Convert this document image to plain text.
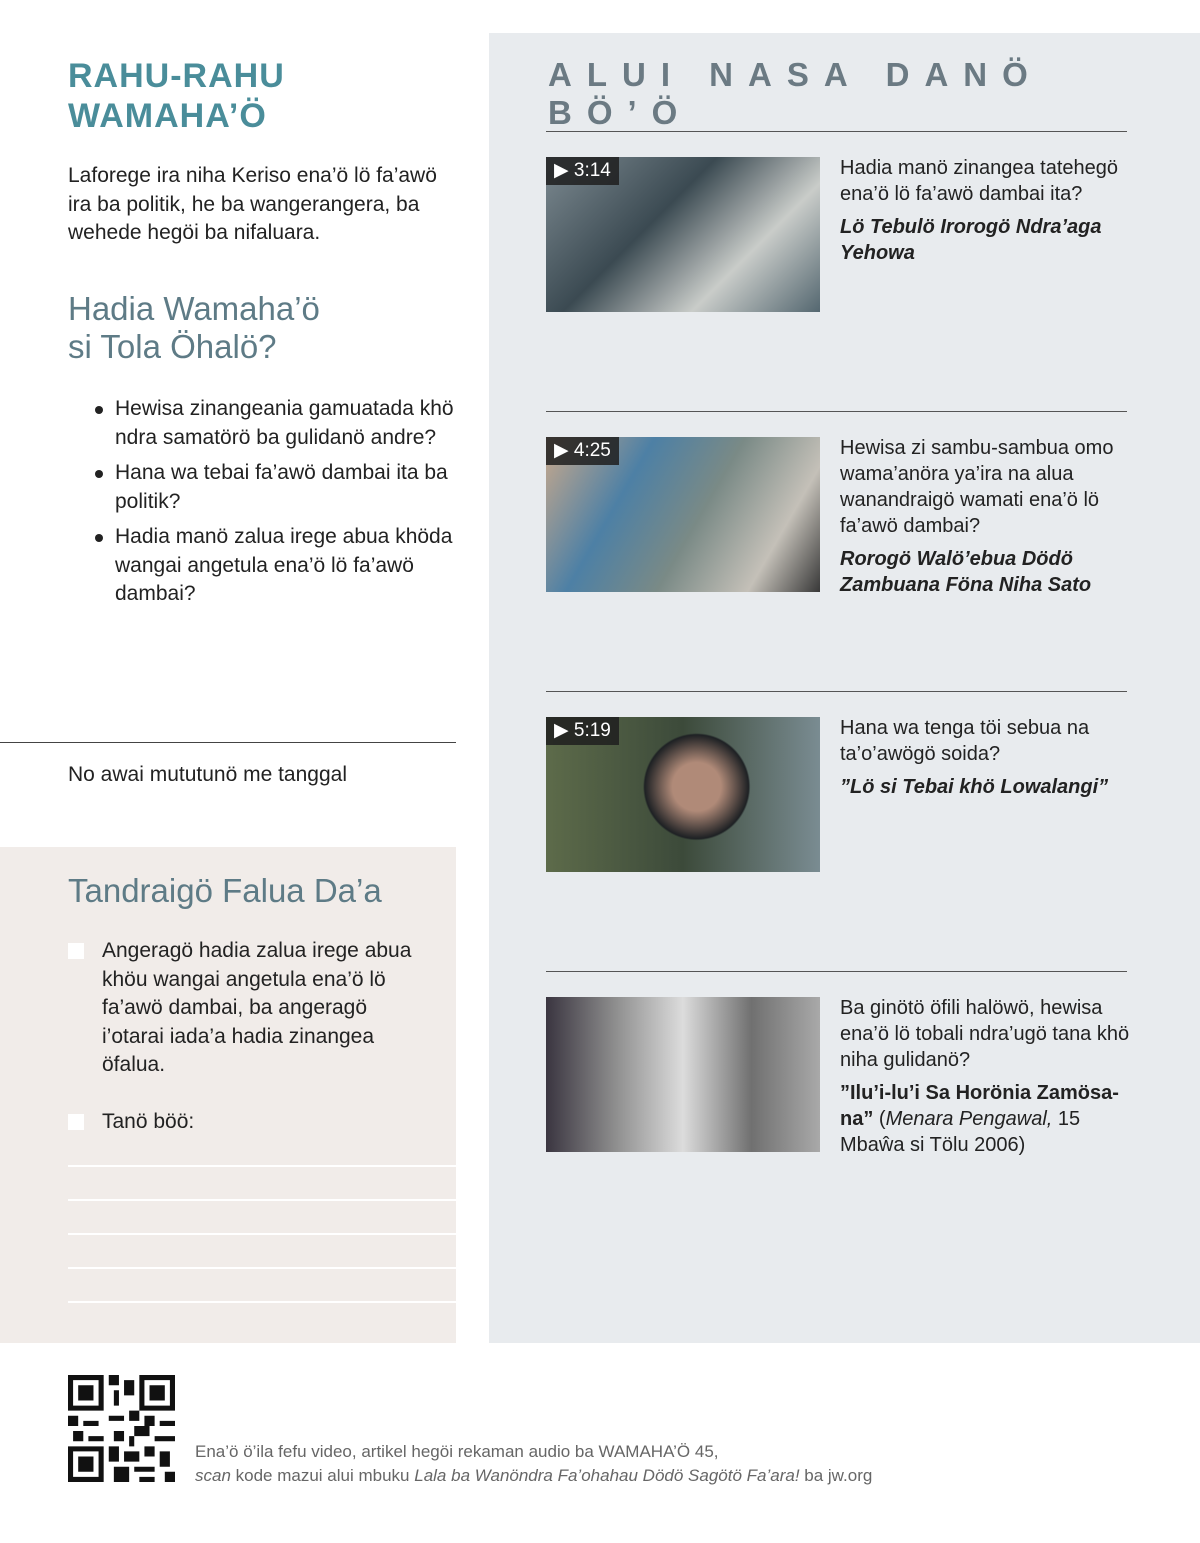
RAHU-RAHU
WAMAHA’Ö

Laforege ira niha Keriso ena’ö lö fa’awö ira ba politik, he ba wangerangera, ba wehede hegöi ba nifaluara.

Hadia Wamaha’ö
si Tola Öhalö?
Hewisa zinangeania gamuatada khö ndra samatörö ba gulidanö andre?
Hana wa tebai fa’awö dambai ita ba politik?
Hadia manö zalua irege abua khöda wangai angetula ena’ö lö fa’awö dambai?
No awai mututunö me tanggal
Tandraigö Falua Da’a
Angeragö hadia zalua irege abua khöu wangai angetula ena’ö lö fa’awö dambai, ba angeragö i’otarai iada’a hadia zinangea öfalua.
Tanö böö:
ALUI NASA DANÖ BÖ’Ö
▶ 3:14	Hadia manö zinangea tatehegö ena’ö lö fa’awö dambai ita?
Lö Tebulö Irorogö Ndra’aga Yehowa
▶ 4:25	Hewisa zi sambu-sambua omo wama’anöra ya’ira na alua wanandraigö wamati ena’ö lö fa’awö dambai?
Rorogö Walö’ebua Dödö Zambuana Föna Niha Sato
▶ 5:19	Hana wa tenga töi sebua na ta’o’awögö soida?
”Lö si Tebai khö Lowalangi”
Ba ginötö öfili halöwö, hewisa ena’ö lö tobali ndra’ugö tana khö niha gulidanö?
”Ilu’i-lu’i Sa Horönia Zamösana” (Menara Pengawal, 15 Mbaŵa si Tölu 2006)
Ena’ö ö’ila fefu video, artikel hegöi rekaman audio ba WAMAHA’Ö 45,
scan kode mazui alui mbuku Lala ba Wanöndra Fa’ohahau Dödö Sagötö Fa’ara! ba jw.org
